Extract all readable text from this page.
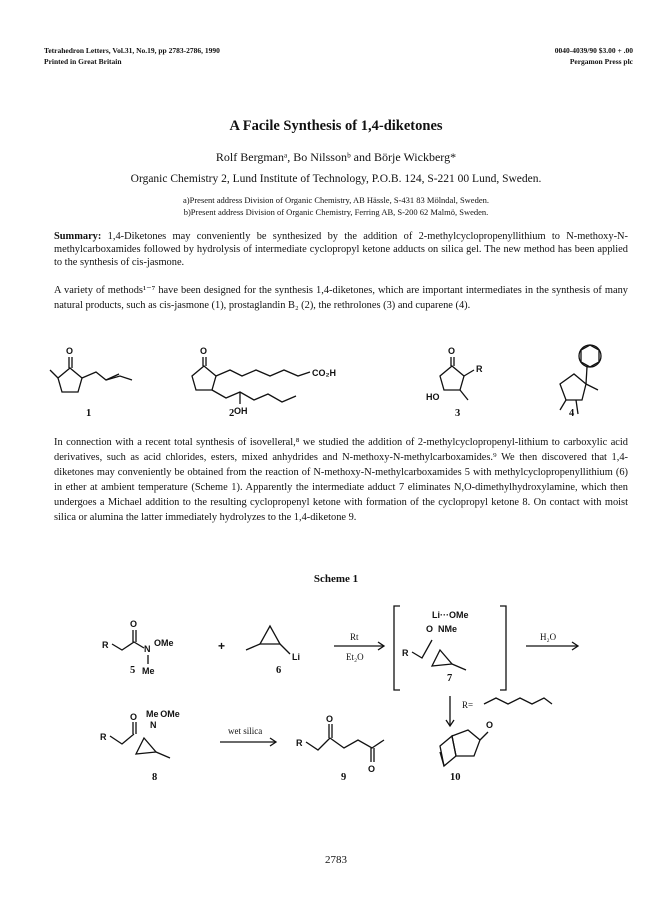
Tetrahedron Letters, Vol.31, No.19, pp 2783-2786, 1990
Printed in Great Britain
0040-4039/90 $3.00 + .00
Pergamon Press plc
A Facile Synthesis of 1,4-diketones
Rolf Bergmanᵃ, Bo Nilssonᵇ and Börje Wickberg*
Organic Chemistry 2, Lund Institute of Technology, P.O.B. 124, S-221 00 Lund, Sweden.
a)Present address Division of Organic Chemistry, AB Hässle, S-431 83 Mölndal, Sweden.
b)Present address Division of Organic Chemistry, Ferring AB, S-200 62 Malmö, Sweden.
Summary: 1,4-Diketones may conveniently be synthesized by the addition of 2-methylcyclopropenyllithium to N-methoxy-N-methylcarboxamides followed by hydrolysis of intermediate cyclopropyl ketone adducts on silica gel. The new method has been applied to the synthesis of cis-jasmone.
A variety of methods¹⁻⁷ have been designed for the synthesis 1,4-diketones, which are important intermediates in the synthesis of many natural products, such as cis-jasmone (1), prostaglandin B₂ (2), the rethrolones (3) and cuparene (4).
O	O
CO₂H
OH
O
R
HO
1	2	3	4
In connection with a recent total synthesis of isovelleral,⁸ we studied the addition of 2-methylcyclopropenyl-lithium to carboxylic acid derivatives, such as acid chlorides, esters, mixed anhydrides and N-methoxy-N-methylcarboxamides.⁹ We then discovered that 1,4-diketones may conveniently be obtained from the reaction of N-methoxy-N-methylcarboxamides 5 with methylcyclopropenyllithium (6) in ether at ambient temperature (Scheme 1). Apparently the intermediate adduct 7 eliminates N,O-dimethylhydroxylamine, which then undergoes a Michael addition to the resulting cyclopropenyl ketone with formation of the cyclopropyl ketone 8. On contact with moist silica or alumina the latter immediately hydrolyzes to the 1,4-diketone 9.
Scheme 1
R
O
N
OMe
Me
+
Li
Rt
Et₂O
Li···OMe
O NMe
R
H₂O
R=
R
O Me OMe
N
wet silica
R
O
O
O
5	6
7
8	9	10
2783
